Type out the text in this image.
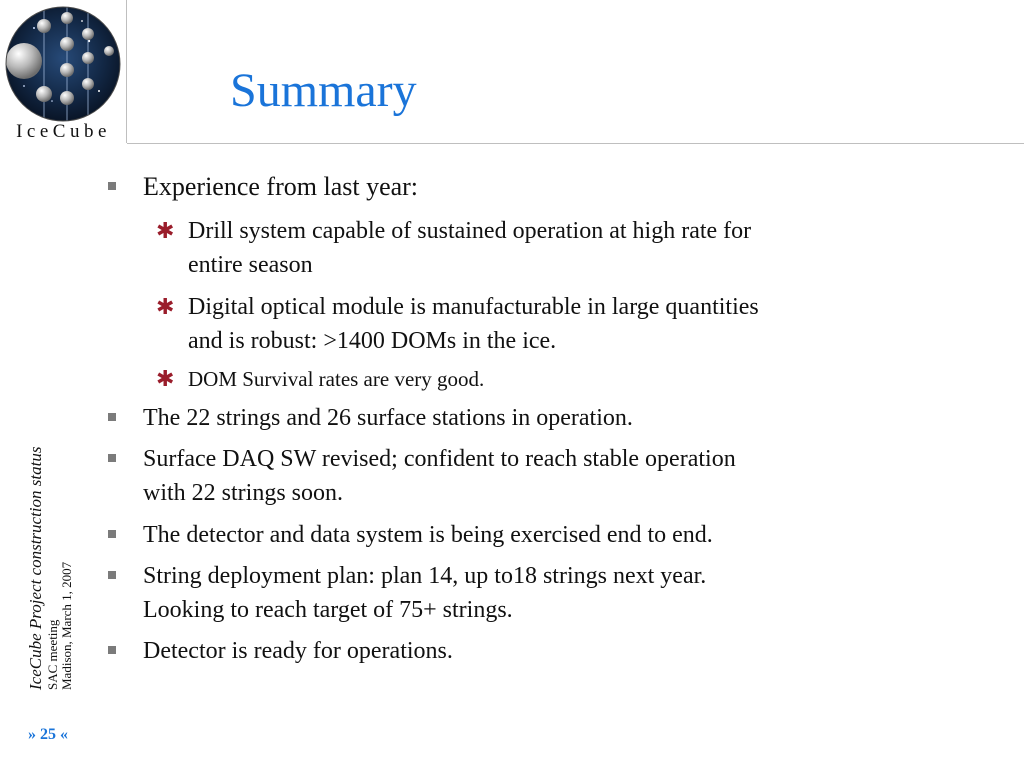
IceCube
Summary
Experience from last year:
✱ Drill system capable of sustained operation at high rate for
entire season
✱ Digital optical module is manufacturable in large quantities
and is robust: >1400 DOMs in the ice.
✱ DOM Survival rates are very good.
The 22 strings and 26 surface stations in operation.
Surface DAQ SW revised; confident to reach stable operation
with 22 strings soon.
The detector and data system is being exercised end to end.
String deployment plan: plan 14, up to18 strings next year.
Looking to reach target of 75+ strings.
Detector is ready for operations.
IceCube Project construction status SAC meeting Madison, March 1, 2007
» 25 «
